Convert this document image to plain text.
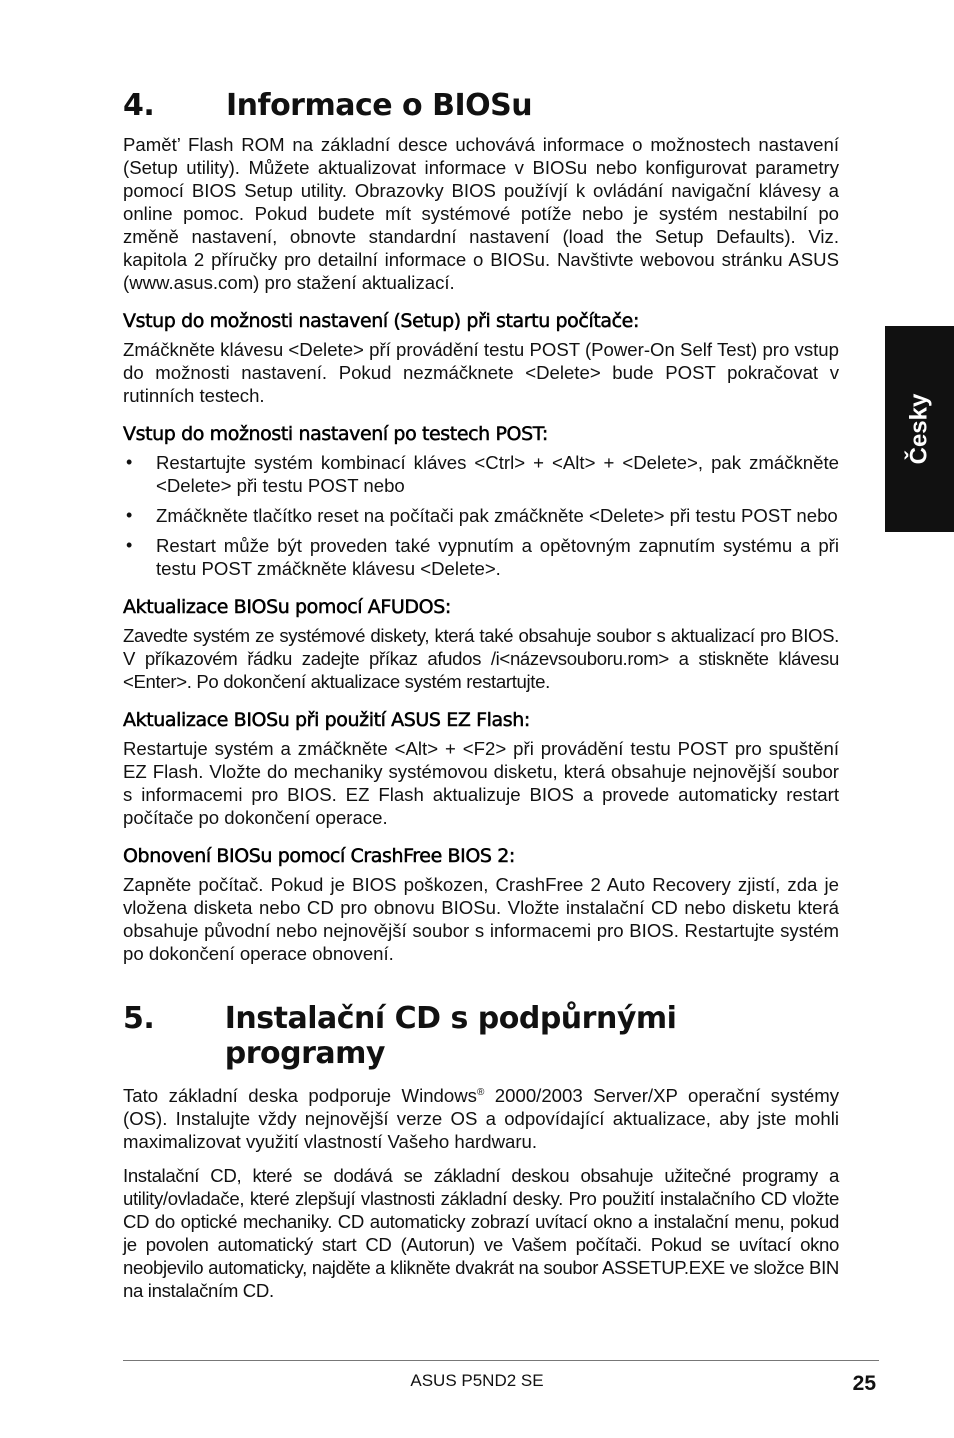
4.	Informace o BIOSu

Pamět’ Flash ROM na základní desce uchovává informace o možnostech nastavení (Setup utility). Můžete aktualizovat informace v BIOSu nebo konfigurovat parametry pomocí BIOS Setup utility. Obrazovky BIOS používjí k ovládání navigační klávesy a online pomoc. Pokud budete mít systémové potíže nebo je systém nestabilní po změně nastavení, obnovte standardní nastavení (load the Setup Defaults). Viz. kapitola 2 příručky pro detailní informace o BIOSu. Navštivte webovou stránku ASUS (www.asus.com) pro stažení aktualizací.

Vstup do možnosti nastavení (Setup) při startu počítače:

Zmáčkněte klávesu <Delete> pří provádění testu POST (Power-On Self Test) pro vstup do možnosti nastavení. Pokud nezmáčknete <Delete> bude POST pokračovat v rutinních testech.

Vstup do možnosti nastavení po testech POST:
• Restartujte systém kombinací kláves <Ctrl> + <Alt> + <Delete>, pak zmáčkněte <Delete> při testu POST nebo
• Zmáčkněte tlačítko reset na počítači pak zmáčkněte <Delete> při testu POST nebo
• Restart může být proveden také vypnutím a opětovným zapnutím systému a při testu POST zmáčkněte klávesu <Delete>.
Aktualizace BIOSu pomocí AFUDOS:

Zavedte systém ze systémové diskety, která také obsahuje soubor s aktualizací pro BIOS. V příkazovém řádku zadejte příkaz afudos /i<názevsouboru.rom> a stiskněte klávesu <Enter>. Po dokončení aktualizace systém restartujte.

Aktualizace BIOSu při použití ASUS EZ Flash:

Restartuje systém a zmáčkněte <Alt> + <F2> při provádění testu POST pro spuštění EZ Flash. Vložte do mechaniky systémovou disketu, která obsahuje nejnovější soubor s informacemi pro BIOS. EZ Flash aktualizuje BIOS a provede automaticky restart počítače po dokončení operace.

Obnovení BIOSu pomocí CrashFree BIOS 2:

Zapněte počítač. Pokud je BIOS poškozen, CrashFree 2 Auto Recovery zjistí, zda je vložena disketa nebo CD pro obnovu BIOSu. Vložte instalační CD nebo disketu která obsahuje původní nebo nejnovější soubor s informacemi pro BIOS. Restartujte systém po dokončení operace obnovení.

5.	Instalační CD s podpůrnými programy

Tato základní deska podporuje Windows® 2000/2003 Server/XP operační systémy (OS). Instalujte vždy nejnovější verze OS a odpovídající aktualizace, aby jste mohli maximalizovat využití vlastností Vašeho hardwaru.

Instalační CD, které se dodává se základní deskou obsahuje užitečné programy a utility/ovladače, které zlepšují vlastnosti základní desky. Pro použití instalačního CD vložte CD do optické mechaniky. CD automaticky zobrazí uvítací okno a instalační menu, pokud je povolen automatický start CD (Autorun) ve Vašem počítači. Pokud se uvítací okno neobjevilo automaticky, najděte a klikněte dvakrát na soubor ASSETUP.EXE ve složce BIN na instalačním CD.

Česky
ASUS P5ND2 SE	25
